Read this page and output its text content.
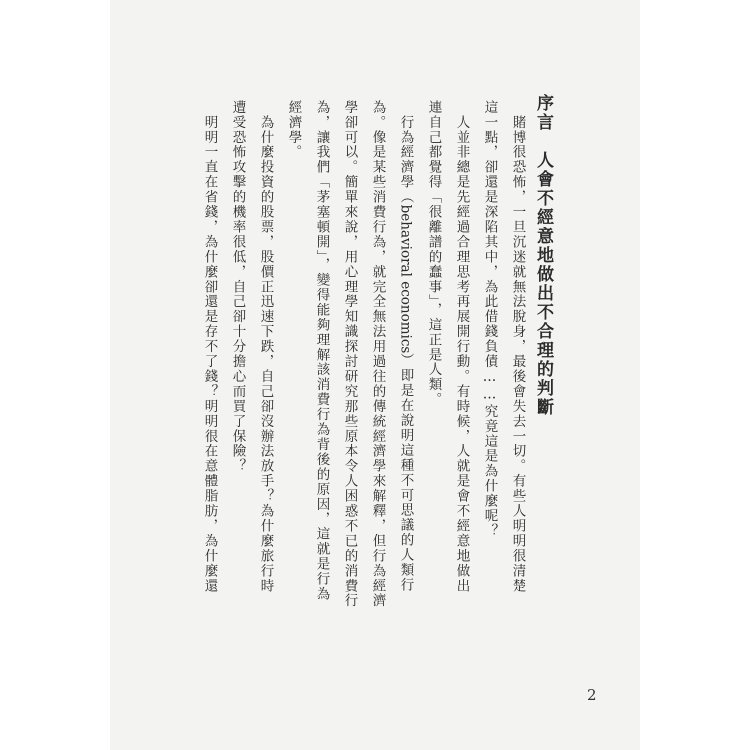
序言　人會不經意地做出不合理的判斷
　賭博很恐怖，一旦沉迷就無法脫身，最後會失去一切。有些人明明很清楚
這一點，卻還是深陷其中，為此借錢負債……究竟這是為什麼呢？
　人並非總是先經過合理思考再展開行動。有時候，人就是會不經意地做出
連自己都覺得「很離譜的蠢事」，這正是人類。
　行為經濟學（behavioral economics）即是在說明這種不可思議的人類行
為。像是某些消費行為，就完全無法用過往的傳統經濟學來解釋，但行為經濟
學卻可以。簡單來說，用心理學知識探討研究那些原本令人困惑不已的消費行
為，讓我們「茅塞頓開」，變得能夠理解該消費行為背後的原因，這就是行為
經濟學。
　為什麼投資的股票，股價正迅速下跌，自己卻沒辦法放手？為什麼旅行時
遭受恐怖攻擊的機率很低，自己卻十分擔心而買了保險？
　明明一直在省錢，為什麼卻還是存不了錢？明明很在意體脂肪，為什麼還
2
